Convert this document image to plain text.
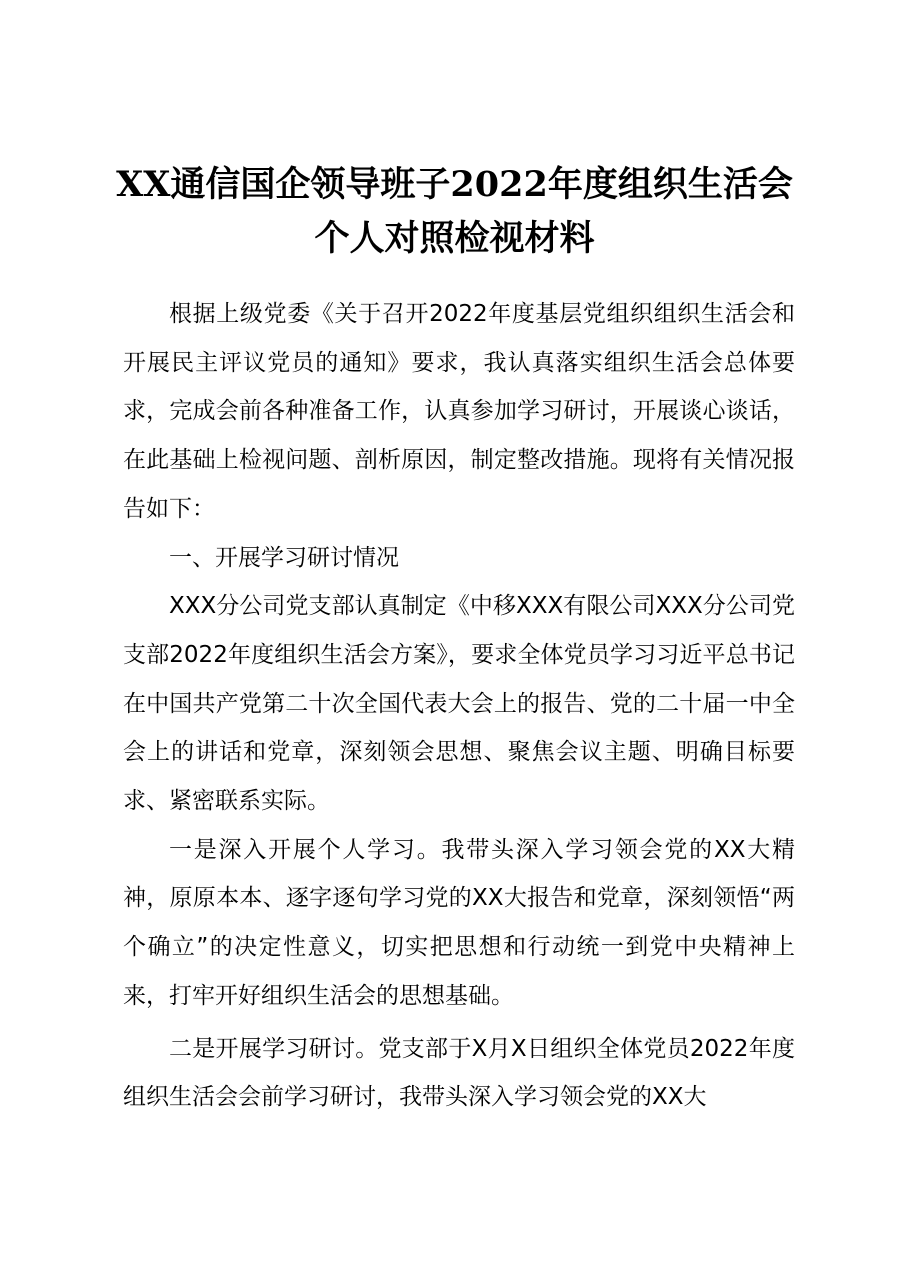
XX通信国企领导班子2022年度组织生活会个人对照检视材料

根据上级党委《关于召开2022年度基层党组织组织生活会和开展民主评议党员的通知》要求，我认真落实组织生活会总体要求，完成会前各种准备工作，认真参加学习研讨，开展谈心谈话，在此基础上检视问题、剖析原因，制定整改措施。现将有关情况报告如下：

一、开展学习研讨情况

XXX分公司党支部认真制定《中移XXX有限公司XXX分公司党支部2022年度组织生活会方案》，要求全体党员学习习近平总书记在中国共产党第二十次全国代表大会上的报告、党的二十届一中全会上的讲话和党章，深刻领会思想、聚焦会议主题、明确目标要求、紧密联系实际。

一是深入开展个人学习。我带头深入学习领会党的XX大精神，原原本本、逐字逐句学习党的XX大报告和党章，深刻领悟“两个确立”的决定性意义，切实把思想和行动统一到党中央精神上来，打牢开好组织生活会的思想基础。

二是开展学习研讨。党支部于X月X日组织全体党员2022年度组织生活会会前学习研讨，我带头深入学习领会党的XX大
